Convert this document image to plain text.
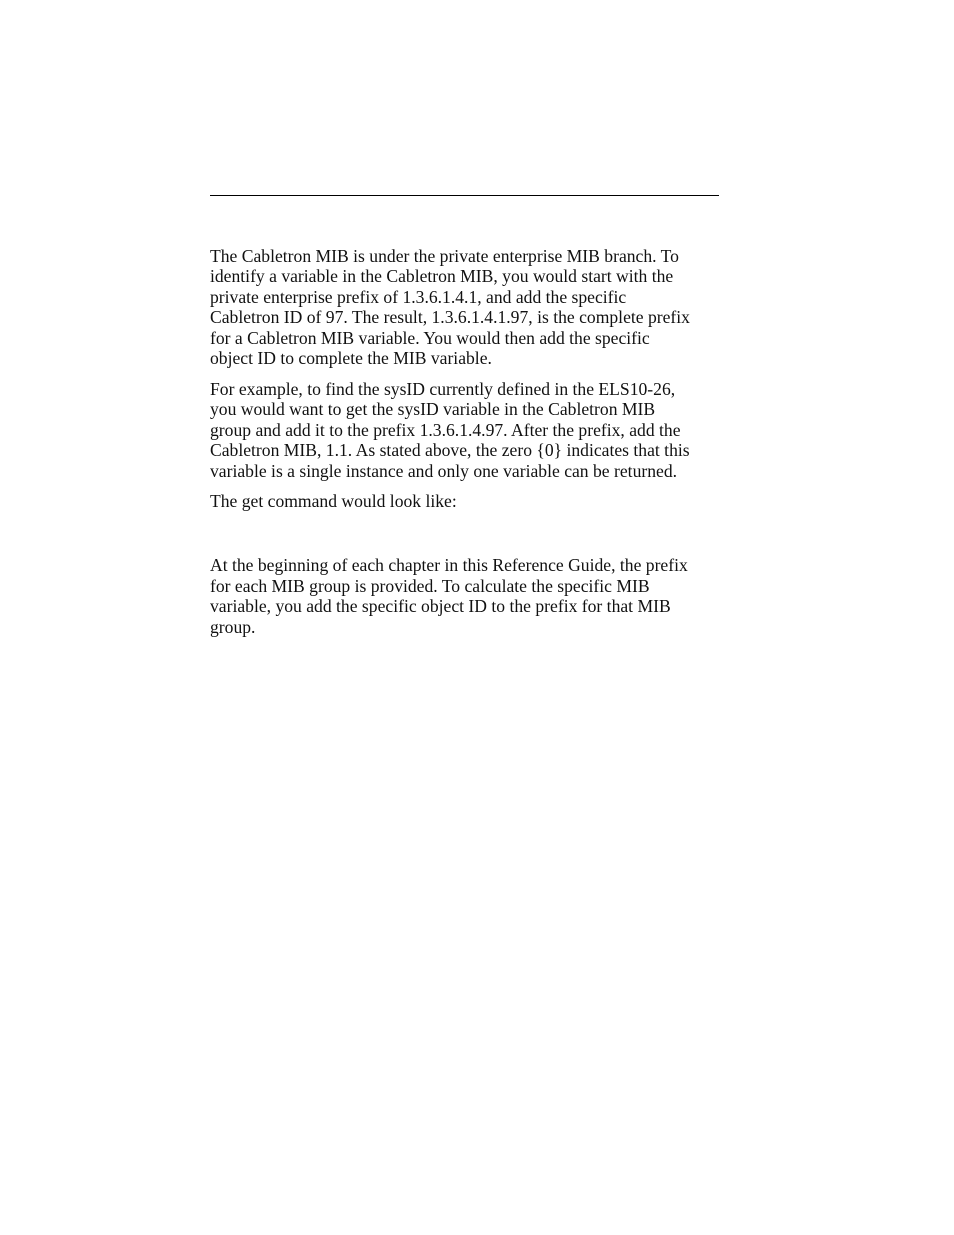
The Cabletron MIB is under the private enterprise MIB branch. To
identify a variable in the Cabletron MIB, you would start with the
private enterprise prefix of 1.3.6.1.4.1, and add the specific
Cabletron ID of 97. The result, 1.3.6.1.4.1.97, is the complete prefix
for a Cabletron MIB variable. You would then add the specific
object ID to complete the MIB variable.

For example, to find the sysID currently defined in the ELS10-26,
you would want to get the sysID variable in the Cabletron MIB
group and add it to the prefix 1.3.6.1.4.97. After the prefix, add the
Cabletron MIB, 1.1. As stated above, the zero {0} indicates that this
variable is a single instance and only one variable can be returned.

The get command would look like:

At the beginning of each chapter in this Reference Guide, the prefix
for each MIB group is provided. To calculate the specific MIB
variable, you add the specific object ID to the prefix for that MIB
group.
